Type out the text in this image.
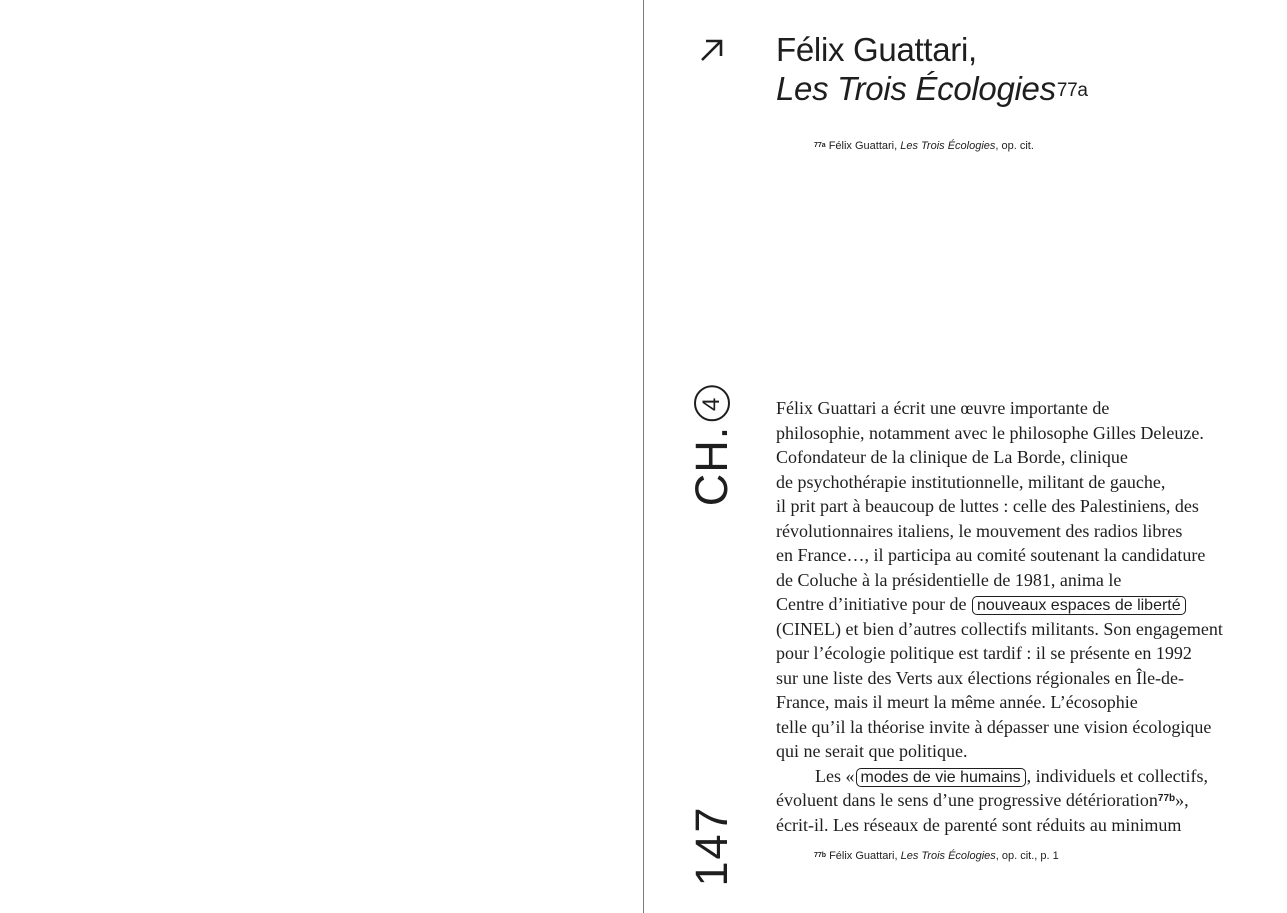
Félix Guattari,
Les Trois Écologies$^{77a}$
$^{77a}$ Félix Guattari, Les Trois Écologies, op. cit.
CH.
4
147
Félix Guattari a écrit une œuvre importante de
philosophie, notamment avec le philosophe Gilles Deleuze.
Cofondateur de la clinique de La Borde, clinique
de psychothérapie institutionnelle, militant de gauche,
il prit part à beaucoup de luttes : celle des Palestiniens, des
révolutionnaires italiens, le mouvement des radios libres
en France…, il participa au comité soutenant la candidature
de Coluche à la présidentielle de 1981, anima le
Centre d’initiative pour de nouveaux espaces de liberté
(CINEL) et bien d’autres collectifs militants. Son engagement
pour l’écologie politique est tardif : il se présente en 1992
sur une liste des Verts aux élections régionales en Île-de-
France, mais il meurt la même année. L’écosophie
telle qu’il la théorise invite à dépasser une vision écologique
qui ne serait que politique.
Les « modes de vie humains , individuels et collectifs,
évoluent dans le sens d’une progressive détérioration$^{77b}$»,
écrit-il. Les réseaux de parenté sont réduits au minimum
$^{77b}$ Félix Guattari, Les Trois Écologies, op. cit., p. 1
